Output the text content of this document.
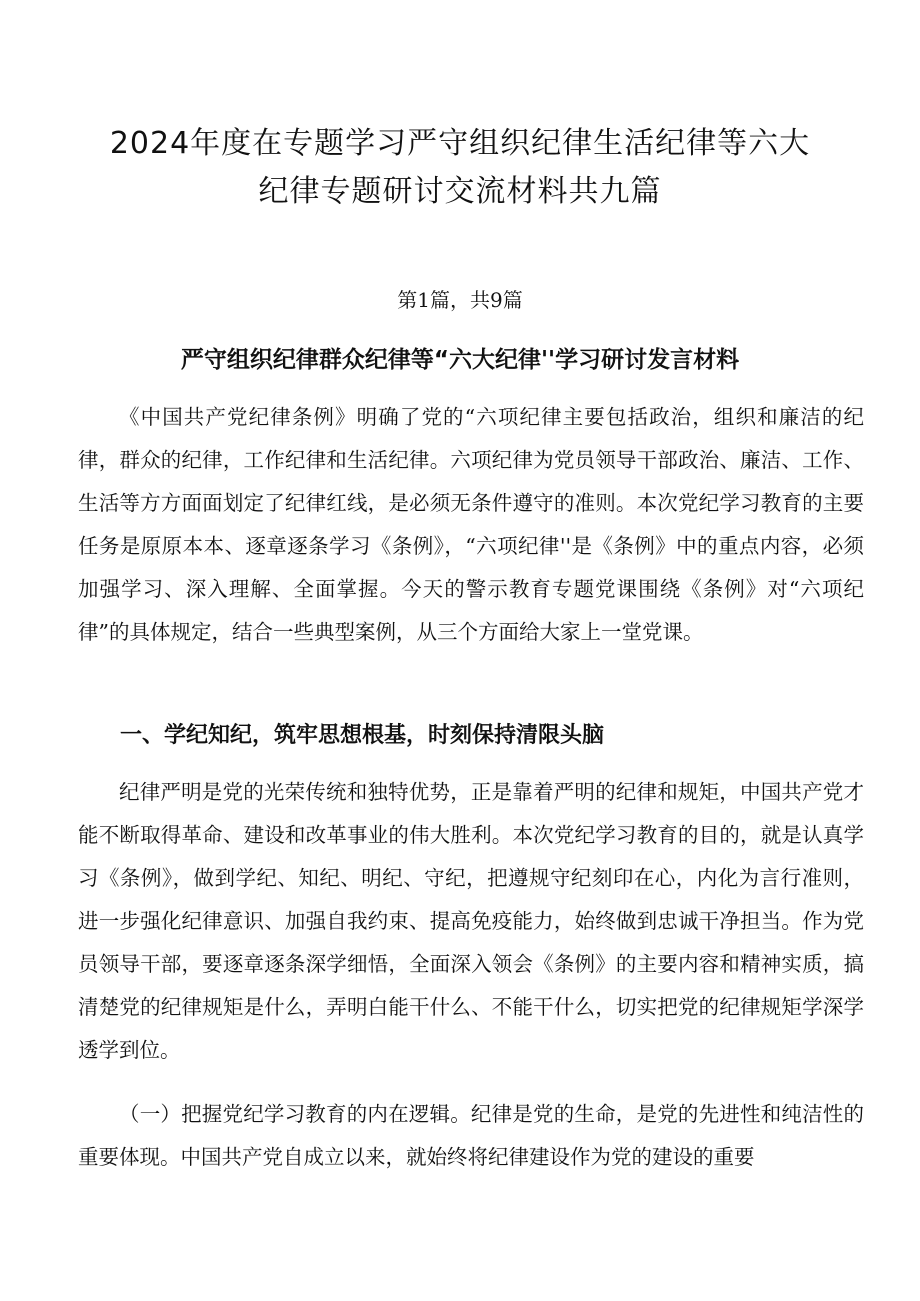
2024年度在专题学习严守组织纪律生活纪律等六大
纪律专题研讨交流材料共九篇

第1篇，共9篇

严守组织纪律群众纪律等“六大纪律''学习研讨发言材料

《中国共产党纪律条例》明确了党的“六项纪律主要包括政治，组织和廉洁的纪律，群众的纪律，工作纪律和生活纪律。六项纪律为党员领导干部政治、廉洁、工作、生活等方方面面划定了纪律红线，是必须无条件遵守的准则。本次党纪学习教育的主要任务是原原本本、逐章逐条学习《条例》，“六项纪律''是《条例》中的重点内容，必须加强学习、深入理解、全面掌握。今天的警示教育专题党课围绕《条例》对“六项纪律”的具体规定，结合一些典型案例，从三个方面给大家上一堂党课。

一、学纪知纪，筑牢思想根基，时刻保持清限头脑

纪律严明是党的光荣传统和独特优势，正是靠着严明的纪律和规矩，中国共产党才能不断取得革命、建设和改革事业的伟大胜利。本次党纪学习教育的目的，就是认真学习《条例》，做到学纪、知纪、明纪、守纪，把遵规守纪刻印在心，内化为言行准则，进一步强化纪律意识、加强自我约束、提高免疫能力，始终做到忠诚干净担当。作为党员领导干部，要逐章逐条深学细悟，全面深入领会《条例》的主要内容和精神实质，搞清楚党的纪律规矩是什么，弄明白能干什么、不能干什么，切实把党的纪律规矩学深学透学到位。

（一）把握党纪学习教育的内在逻辑。纪律是党的生命，是党的先进性和纯洁性的重要体现。中国共产党自成立以来，就始终将纪律建设作为党的建设的重要
